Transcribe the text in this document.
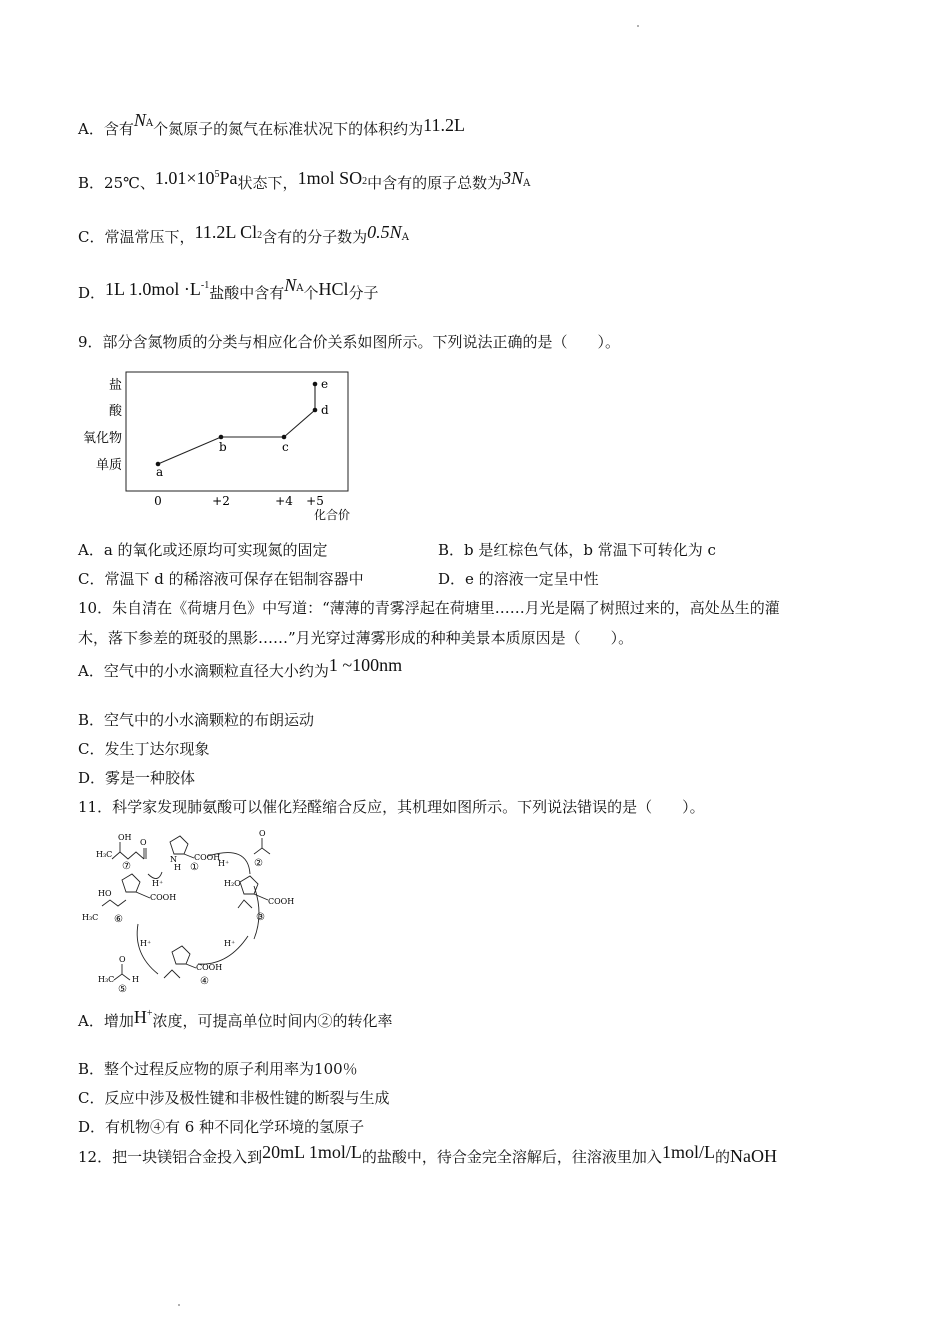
A．含有NA个氮原子的氮气在标准状况下的体积约为11.2L
B．25℃、$1.01\times 10^5Pa$状态下，1mol SO2中含有的原子总数为3NA
C．常温常压下，11.2L Cl2含有的分子数为0.5NA
D．1L $1.0mol \cdot L^{-1}$盐酸中含有NA个HCl分子
9．部分含氮物质的分类与相应化合价关系如图所示。下列说法正确的是（　　）。
盐
酸
氧化物
单质
0	+2	+4 +5
a
b	c
d
e
化合价
A．a 的氧化或还原均可实现氮的固定	B．b 是红棕色气体，b 常温下可转化为 c
C．常温下 d 的稀溶液可保存在铝制容器中	D．e 的溶液一定呈中性
10．朱自清在《荷塘月色》中写道：“薄薄的青雾浮起在荷塘里……月光是隔了树照过来的，高处丛生的灌
木，落下参差的斑驳的黑影……”月光穿过薄雾形成的种种美景本质原因是（　　）。
A．空气中的小水滴颗粒直径大小约为1 ~100nm
B．空气中的小水滴颗粒的布朗运动
C．发生丁达尔现象
D．雾是一种胶体
11．科学家发现肺氨酸可以催化羟醛缩合反应，其机理如图所示。下列说法错误的是（　　）。
OH
O
H₃C
⑦
COOH
N
H ①
O
②
H⁺
H₂O
COOH
③
H⁺
COOH
④
H⁺
O
H₃C H
⑤
COOH
HO
H₃C ⑥
H⁺
A．增加H+浓度，可提高单位时间内②的转化率
B．整个过程反应物的原子利用率为100％
C．反应中涉及极性键和非极性键的断裂与生成
D．有机物④有 6 种不同化学环境的氢原子
12．把一块镁铝合金投入到20mL 1mol/L的盐酸中，待合金完全溶解后，往溶液里加入1mol/L的NaOH
